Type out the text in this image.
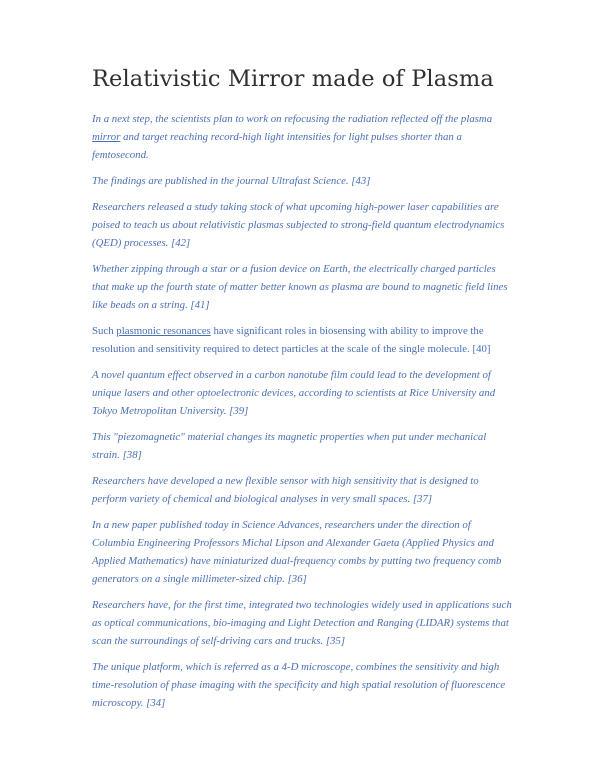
Relativistic Mirror made of Plasma

In a next step, the scientists plan to work on refocusing the radiation reflected off the plasma mirror and target reaching record-high light intensities for light pulses shorter than a femtosecond.

The findings are published in the journal Ultrafast Science. [43]

Researchers released a study taking stock of what upcoming high-power laser capabilities are poised to teach us about relativistic plasmas subjected to strong-field quantum electrodynamics (QED) processes. [42]

Whether zipping through a star or a fusion device on Earth, the electrically charged particles that make up the fourth state of matter better known as plasma are bound to magnetic field lines like beads on a string. [41]

Such plasmonic resonances have significant roles in biosensing with ability to improve the resolution and sensitivity required to detect particles at the scale of the single molecule. [40]

A novel quantum effect observed in a carbon nanotube film could lead to the development of unique lasers and other optoelectronic devices, according to scientists at Rice University and Tokyo Metropolitan University. [39]

This "piezomagnetic" material changes its magnetic properties when put under mechanical strain. [38]

Researchers have developed a new flexible sensor with high sensitivity that is designed to perform variety of chemical and biological analyses in very small spaces. [37]

In a new paper published today in Science Advances, researchers under the direction of Columbia Engineering Professors Michal Lipson and Alexander Gaeta (Applied Physics and Applied Mathematics) have miniaturized dual-frequency combs by putting two frequency comb generators on a single millimeter-sized chip. [36]

Researchers have, for the first time, integrated two technologies widely used in applications such as optical communications, bio-imaging and Light Detection and Ranging (LIDAR) systems that scan the surroundings of self-driving cars and trucks. [35]

The unique platform, which is referred as a 4-D microscope, combines the sensitivity and high time-resolution of phase imaging with the specificity and high spatial resolution of fluorescence microscopy. [34]
